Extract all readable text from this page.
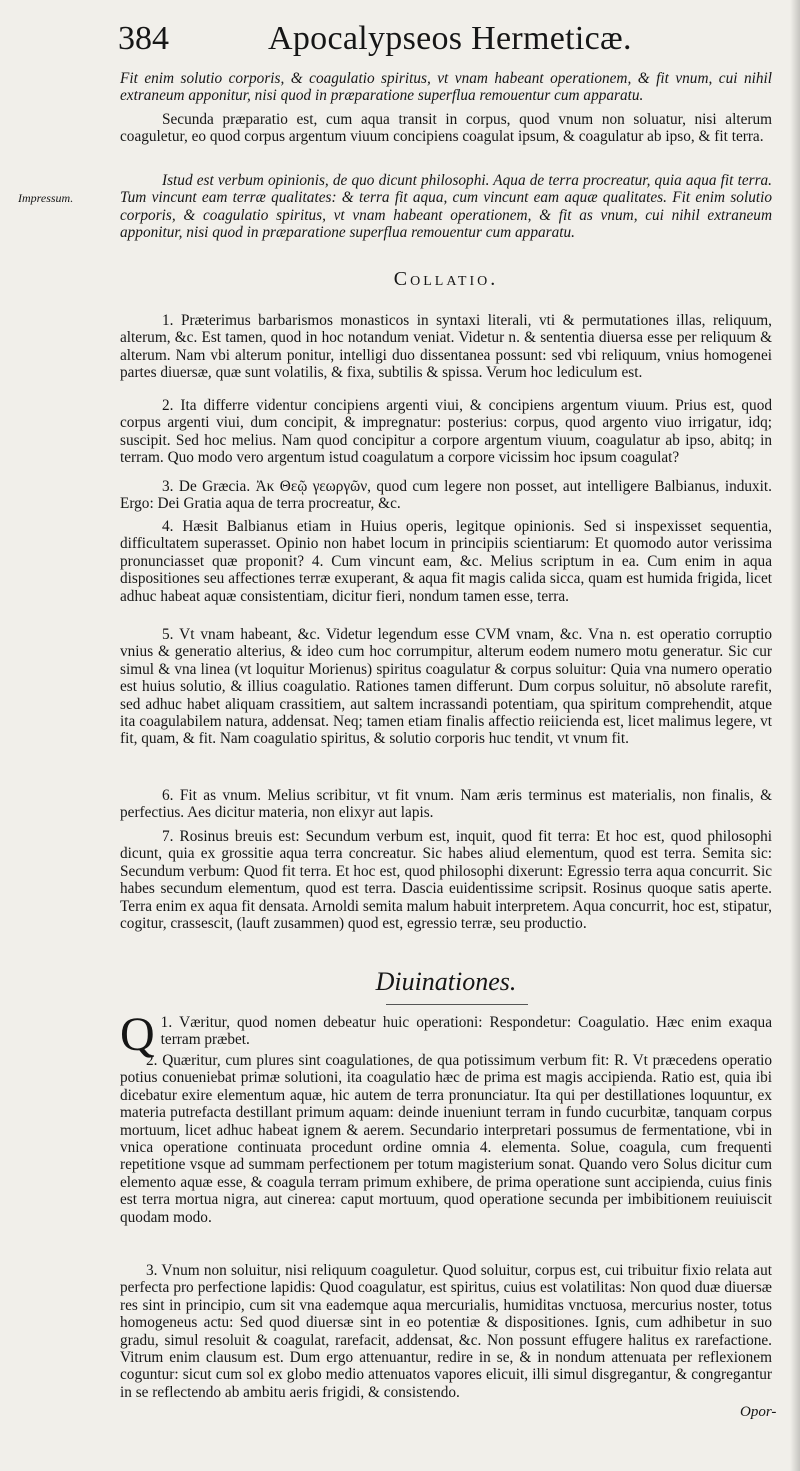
384	Apocalypseos Hermeticæ.
Impressum.

Fit enim solutio corporis, & coagulatio spiritus, vt vnam habeant operationem, & fit vnum, cui nihil extraneum apponitur, nisi quod in præparatione superflua remouentur cum apparatu.

Secunda præparatio est, cum aqua transit in corpus, quod vnum non soluatur, nisi alterum coaguletur, eo quod corpus argentum viuum concipiens coagulat ipsum, & coagulatur ab ipso, & fit terra.

Istud est verbum opinionis, de quo dicunt philosophi. Aqua de terra procreatur, quia aqua fit terra. Tum vincunt eam terræ qualitates: & terra fit aqua, cum vincunt eam aquæ qualitates. Fit enim solutio corporis, & coagulatio spiritus, vt vnam habeant operationem, & fit as vnum, cui nihil extraneum apponitur, nisi quod in præparatione superflua remouentur cum apparatu.

Collatio.

1. Præterimus barbarismos monasticos in syntaxi literali, vti & permutationes illas, reliquum, alterum, &c. Est tamen, quod in hoc notandum veniat. Videtur n. & sententia diuersa esse per reliquum & alterum. Nam vbi alterum ponitur, intelligi duo dissentanea possunt: sed vbi reliquum, vnius homogenei partes diuersæ, quæ sunt volatilis, & fixa, subtilis & spissa. Verum hoc lediculum est.

2. Ita differre videntur concipiens argenti viui, & concipiens argentum viuum. Prius est, quod corpus argenti viui, dum concipit, & impregnatur: posterius: corpus, quod argento viuo irrigatur, idq; suscipit. Sed hoc melius. Nam quod concipitur a corpore argentum viuum, coagulatur ab ipso, abitq; in terram. Quo modo vero argentum istud coagulatum a corpore vicissim hoc ipsum coagulat?

3. De Græcia. Ἀκ Θεῷ γεωργῶν, quod cum legere non posset, aut intelligere Balbianus, induxit. Ergo: Dei Gratia aqua de terra procreatur, &c.

4. Hæsit Balbianus etiam in Huius operis, legitque opinionis. Sed si inspexisset sequentia, difficultatem superasset. Opinio non habet locum in principiis scientiarum: Et quomodo autor verissima pronunciasset quæ proponit? 4. Cum vincunt eam, &c. Melius scriptum in ea. Cum enim in aqua dispositiones seu affectiones terræ exuperant, & aqua fit magis calida sicca, quam est humida frigida, licet adhuc habeat aquæ consistentiam, dicitur fieri, nondum tamen esse, terra.

5. Vt vnam habeant, &c. Videtur legendum esse CVM vnam, &c. Vna n. est operatio corruptio vnius & generatio alterius, & ideo cum hoc corrumpitur, alterum eodem numero motu generatur. Sic cur simul & vna linea (vt loquitur Morienus) spiritus coagulatur & corpus soluitur: Quia vna numero operatio est huius solutio, & illius coagulatio. Rationes tamen differunt. Dum corpus soluitur, nō absolute rarefit, sed adhuc habet aliquam crassitiem, aut saltem incrassandi potentiam, qua spiritum comprehendit, atque ita coagulabilem natura, addensat. Neq; tamen etiam finalis affectio reiicienda est, licet malimus legere, vt fit, quam, & fit. Nam coagulatio spiritus, & solutio corporis huc tendit, vt vnum fit.

6. Fit as vnum. Melius scribitur, vt fit vnum. Nam æris terminus est materialis, non finalis, & perfectius. Aes dicitur materia, non elixyr aut lapis.

7. Rosinus breuis est: Secundum verbum est, inquit, quod fit terra: Et hoc est, quod philosophi dicunt, quia ex grossitie aqua terra concreatur. Sic habes aliud elementum, quod est terra. Semita sic: Secundum verbum: Quod fit terra. Et hoc est, quod philosophi dixerunt: Egressio terra aqua concurrit. Sic habes secundum elementum, quod est terra. Dascia euidentissime scripsit. Rosinus quoque satis aperte. Terra enim ex aqua fit densata. Arnoldi semita malum habuit interpretem. Aqua concurrit, hoc est, stipatur, cogitur, crassescit, (lauft zusammen) quod est, egressio terræ, seu productio.

Diuinationes.

1.
Q Væritur, quod nomen debeatur huic operationi: Respondetur: Coagulatio. Hæc enim exaqua terram præbet.

2. Quæritur, cum plures sint coagulationes, de qua potissimum verbum fit: R. Vt præcedens operatio potius conueniebat primæ solutioni, ita coagulatio hæc de prima est magis accipienda. Ratio est, quia ibi dicebatur exire elementum aquæ, hic autem de terra pronunciatur. Ita qui per destillationes loquuntur, ex materia putrefacta destillant primum aquam: deinde inueniunt terram in fundo cucurbitæ, tanquam corpus mortuum, licet adhuc habeat ignem & aerem. Secundario interpretari possumus de fermentatione, vbi in vnica operatione continuata procedunt ordine omnia 4. elementa. Solue, coagula, cum frequenti repetitione vsque ad summam perfectionem per totum magisterium sonat. Quando vero Solus dicitur cum elemento aquæ esse, & coagula terram primum exhibere, de prima operatione sunt accipienda, cuius finis est terra mortua nigra, aut cinerea: caput mortuum, quod operatione secunda per imbibitionem reuiuiscit quodam modo.

3. Vnum non soluitur, nisi reliquum coaguletur. Quod soluitur, corpus est, cui tribuitur fixio relata aut perfecta pro perfectione lapidis: Quod coagulatur, est spiritus, cuius est volatilitas: Non quod duæ diuersæ res sint in principio, cum sit vna eademque aqua mercurialis, humiditas vnctuosa, mercurius noster, totus homogeneus actu: Sed quod diuersæ sint in eo potentiæ & dispositiones. Ignis, cum adhibetur in suo gradu, simul resoluit & coagulat, rarefacit, addensat, &c. Non possunt effugere halitus ex rarefactione. Vitrum enim clausum est. Dum ergo attenuantur, redire in se, & in nondum attenuata per reflexionem coguntur: sicut cum sol ex globo medio attenuatos vapores elicuit, illi simul disgregantur, & congregantur in se reflectendo ab ambitu aeris frigidi, & consistendo.

Opor-
